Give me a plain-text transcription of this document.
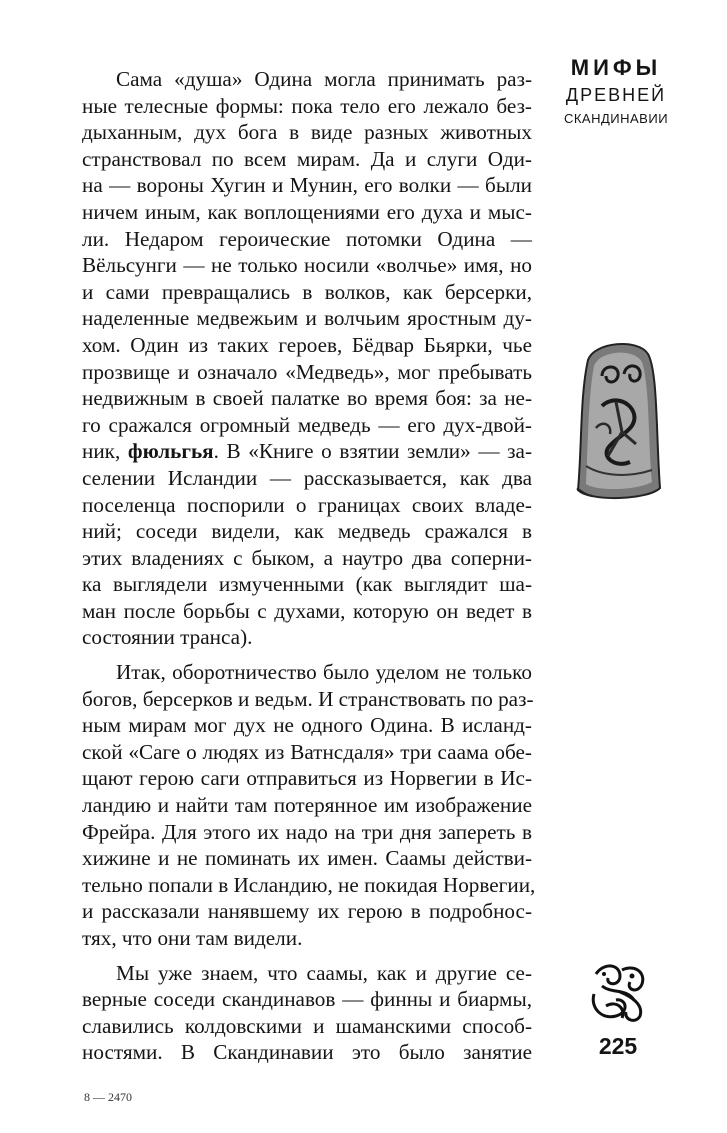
МИФЫ
ДРЕВНЕЙ
СКАНДИНАВИИ
Сама «душа» Одина могла принимать раз-
ные телесные формы: пока тело его лежало без-
дыханным, дух бога в виде разных животных
странствовал по всем мирам. Да и слуги Оди-
на — вороны Хугин и Мунин, его волки — были
ничем иным, как воплощениями его духа и мыс-
ли. Недаром героические потомки Одина —
Вёльсунги — не только носили «волчье» имя, но
и сами превращались в волков, как берсерки,
наделенные медвежьим и волчьим яростным ду-
хом. Один из таких героев, Бёдвар Бьярки, чье
прозвище и означало «Медведь», мог пребывать
недвижным в своей палатке во время боя: за не-
го сражался огромный медведь — его дух-двой-
ник, фюльгья. В «Книге о взятии земли» — за-
селении Исландии — рассказывается, как два
поселенца поспорили о границах своих владе-
ний; соседи видели, как медведь сражался в
этих владениях с быком, а наутро два соперни-
ка выглядели измученными (как выглядит ша-
ман после борьбы с духами, которую он ведет в
состоянии транса).
Итак, оборотничество было уделом не только
богов, берсерков и ведьм. И странствовать по раз-
ным мирам мог дух не одного Одина. В исланд-
ской «Саге о людях из Ватнсдаля» три саама обе-
щают герою саги отправиться из Норвегии в Ис-
ландию и найти там потерянное им изображение
Фрейра. Для этого их надо на три дня запереть в
хижине и не поминать их имен. Саамы действи-
тельно попали в Исландию, не покидая Норвегии,
и рассказали нанявшему их герою в подробнос-
тях, что они там видели.
Мы уже знаем, что саамы, как и другие се-
верные соседи скандинавов — финны и биармы,
славились колдовскими и шаманскими способ-
ностями. В Скандинавии это было занятие	225
8 — 2470
